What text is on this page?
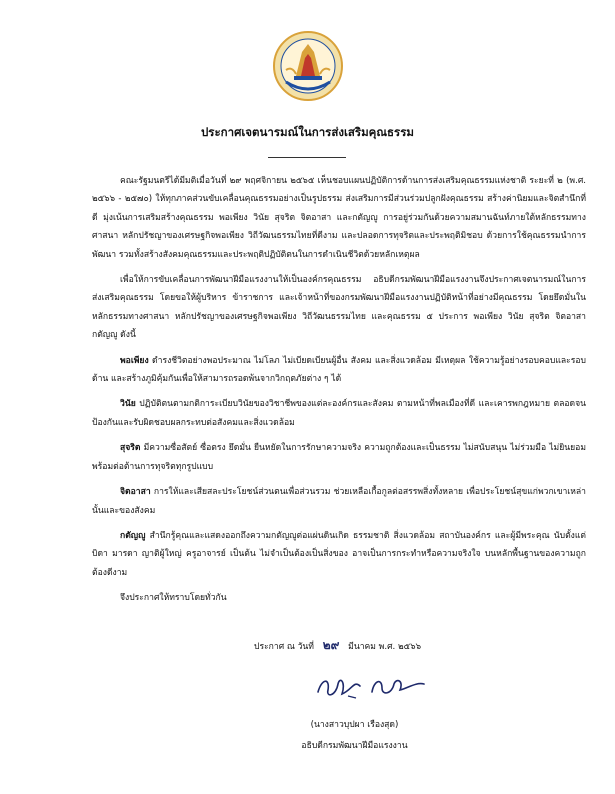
ประกาศเจตนารมณ์ในการส่งเสริมคุณธรรม

คณะรัฐมนตรีได้มีมติเมื่อวันที่ ๒๙ พฤศจิกายน ๒๕๖๕ เห็นชอบแผนปฏิบัติการด้านการส่งเสริมคุณธรรมแห่งชาติ ระยะที่ ๒ (พ.ศ. ๒๕๖๖ - ๒๕๗๐) ให้ทุกภาคส่วนขับเคลื่อนคุณธรรมอย่างเป็นรูปธรรม ส่งเสริมการมีส่วนร่วมปลูกฝังคุณธรรม สร้างค่านิยมและจิตสำนึกที่ดี มุ่งเน้นการเสริมสร้างคุณธรรม พอเพียง วินัย สุจริต จิตอาสา และกตัญญู การอยู่ร่วมกันด้วยความสมานฉันท์ภายใต้หลักธรรมทางศาสนา หลักปรัชญาของเศรษฐกิจพอเพียง วิถีวัฒนธรรมไทยที่ดีงาม และปลอดการทุจริตและประพฤติมิชอบ ด้วยการใช้คุณธรรมนำการพัฒนา รวมทั้งสร้างสังคมคุณธรรมและประพฤติปฏิบัติตนในการดำเนินชีวิตด้วยหลักเหตุผล

เพื่อให้การขับเคลื่อนการพัฒนาฝีมือแรงงานให้เป็นองค์กรคุณธรรม อธิบดีกรมพัฒนาฝีมือแรงงานจึงประกาศเจตนารมณ์ในการส่งเสริมคุณธรรม โดยขอให้ผู้บริหาร ข้าราชการ และเจ้าหน้าที่ของกรมพัฒนาฝีมือแรงงานปฏิบัติหน้าที่อย่างมีคุณธรรม โดยยึดมั่นในหลักธรรมทางศาสนา หลักปรัชญาของเศรษฐกิจพอเพียง วิถีวัฒนธรรมไทย และคุณธรรม ๕ ประการ พอเพียง วินัย สุจริต จิตอาสา กตัญญู ดังนี้

พอเพียง ดำรงชีวิตอย่างพอประมาณ ไม่โลภ ไม่เบียดเบียนผู้อื่น สังคม และสิ่งแวดล้อม มีเหตุผล ใช้ความรู้อย่างรอบคอบและรอบด้าน และสร้างภูมิคุ้มกันเพื่อให้สามารถรอดพ้นจากวิกฤตภัยต่าง ๆ ได้

วินัย ปฏิบัติตนตามกติการะเบียบวินัยของวิชาชีพของแต่ละองค์กรและสังคม ตามหน้าที่พลเมืองที่ดี และเคารพกฎหมาย ตลอดจนป้องกันและรับผิดชอบผลกระทบต่อสังคมและสิ่งแวดล้อม

สุจริต มีความซื่อสัตย์ ซื่อตรง ยึดมั่น ยืนหยัดในการรักษาความจริง ความถูกต้องและเป็นธรรม ไม่สนับสนุน ไม่ร่วมมือ ไม่ยินยอม พร้อมต่อต้านการทุจริตทุกรูปแบบ

จิตอาสา การให้และเสียสละประโยชน์ส่วนตนเพื่อส่วนรวม ช่วยเหลือเกื้อกูลต่อสรรพสิ่งทั้งหลาย เพื่อประโยชน์สุขแก่พวกเขาเหล่านั้นและของสังคม

กตัญญู สำนึกรู้คุณและแสดงออกถึงความกตัญญูต่อแผ่นดินเกิด ธรรมชาติ สิ่งแวดล้อม สถาบันองค์กร และผู้มีพระคุณ นับตั้งแต่ บิดา มารดา ญาติผู้ใหญ่ ครูอาจารย์ เป็นต้น ไม่จำเป็นต้องเป็นสิ่งของ อาจเป็นการกระทำหรือความจริงใจ บนหลักพื้นฐานของความถูกต้องดีงาม

จึงประกาศให้ทราบโดยทั่วกัน

ประกาศ ณ วันที่ ๒๙ มีนาคม พ.ศ. ๒๕๖๖
(นางสาวบุปผา เรืองสุด)
อธิบดีกรมพัฒนาฝีมือแรงงาน
